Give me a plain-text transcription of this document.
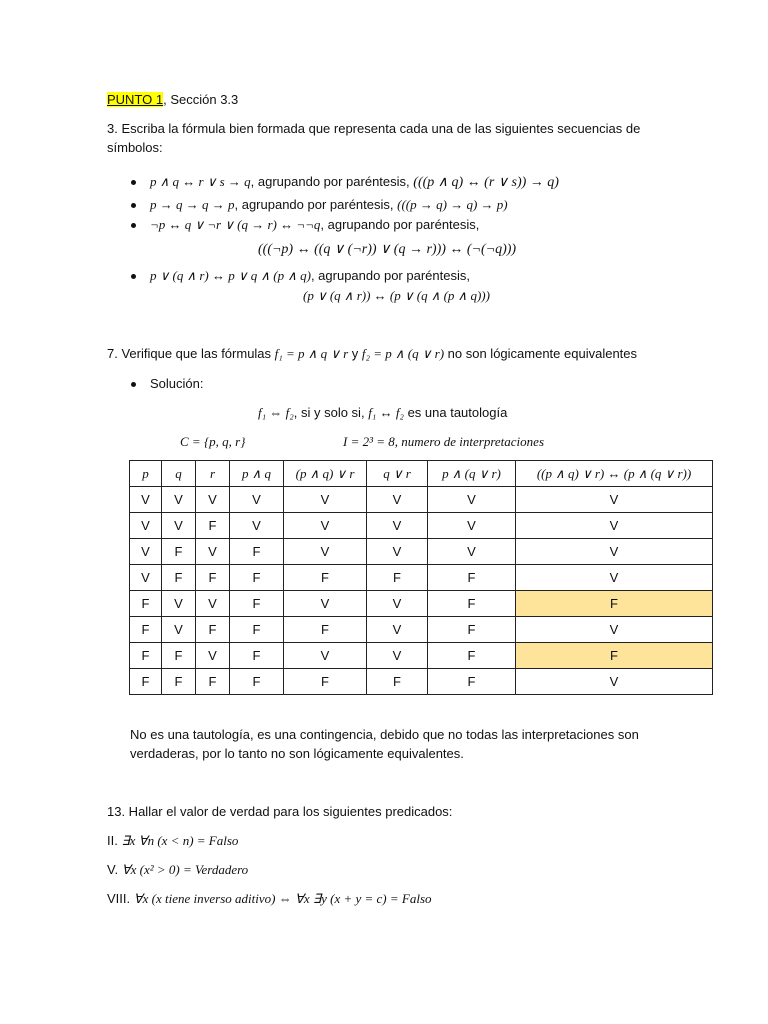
PUNTO 1, Sección 3.3
3. Escriba la fórmula bien formada que representa cada una de las siguientes secuencias de
símbolos:
p ∧ q ↔ r ∨ s → q, agrupando por paréntesis, (((p ∧ q) ↔ (r ∨ s)) → q)
p → q → q → p, agrupando por paréntesis, (((p → q) → q) → p)
¬p ↔ q ∨ ¬r ∨ (q → r) ↔ ¬¬q, agrupando por paréntesis,
(((¬p) ↔ ((q ∨ (¬r)) ∨ (q → r))) ↔ (¬(¬q)))
p ∨ (q ∧ r) ↔ p ∨ q ∧ (p ∧ q), agrupando por paréntesis,
(p ∨ (q ∧ r)) ↔ (p ∨ (q ∧ (p ∧ q)))
7. Verifique que las fórmulas f₁ = p ∧ q ∨ r y f₂ = p ∧ (q ∨ r) no son lógicamente equivalentes
Solución:
f₁ ⇔ f₂, si y solo si, f₁ ↔ f₂ es una tautología
C = {p, q, r}	I = 2³ = 8, numero de interpretaciones
p	q	r	p ∧ q	(p ∧ q) ∨ r	q ∨ r	p ∧ (q ∨ r)	((p ∧ q) ∨ r) ↔ (p ∧ (q ∨ r))
V	V	V	V	V	V	V	V
V	V	F	V	V	V	V	V
V	F	V	F	V	V	V	V
V	F	F	F	F	F	F	V
F	V	V	F	V	V	F	F
F	V	F	F	F	V	F	V
F	F	V	F	V	V	F	F
F	F	F	F	F	F	F	V
No es una tautología, es una contingencia, debido que no todas las interpretaciones son
verdaderas, por lo tanto no son lógicamente equivalentes.
13. Hallar el valor de verdad para los siguientes predicados:
II. ∃x ∀n (x < n) = Falso
V. ∀x (x² > 0) = Verdadero
VIII. ∀x (x tiene inverso aditivo) ⇔ ∀x ∃y (x + y = c) = Falso
